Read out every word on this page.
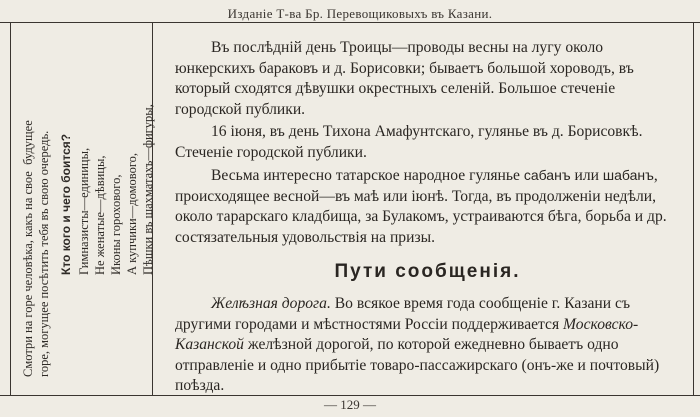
Изданіе Т-ва Бр. Перевощиковыхъ въ Казани.
Смотри на горе человѣка, какъ на свое  будущее горе, могущее посѣтить тебя въ свою очередь. Кто кого и чего боится? Гимназисты—единицы, Не женатые—дѣвицы, Иконы горохового, А купчики—домового, Пѣшки въ шахматахъ—фигуры,

Въ послѣдній день Троицы—проводы весны на лугу около юнкерскихъ бараковъ и д. Борисовки; бываетъ большой хороводъ, въ который сходятся дѣвушки окрестныхъ селеній. Большое стеченіе городской публики.

16 іюня, въ день Тихона Амафунтскаго, гулянье въ д. Борисовкѣ. Стеченіе городской публики.

Весьма интересно татарское народное гулянье сабанъ или шабанъ, происходящее весной—въ маѣ или іюнѣ. Тогда, въ продолженіи недѣли, около тарарскаго кладбища, за Булакомъ, устраиваются бѣга, борьба и др. состязательныя удовольствія на призы.

Пути сообщенія.

Желѣзная дорога. Во всякое время года сообщеніе г. Казани съ другими городами и мѣстностями Россіи поддерживается Московско-Казанской желѣзной дорогой, по которой ежедневно бываетъ одно отправленіе и одно прибытіе товаро-пассажирскаго (онъ-же и почтовый) поѣзда.

— 129 —
